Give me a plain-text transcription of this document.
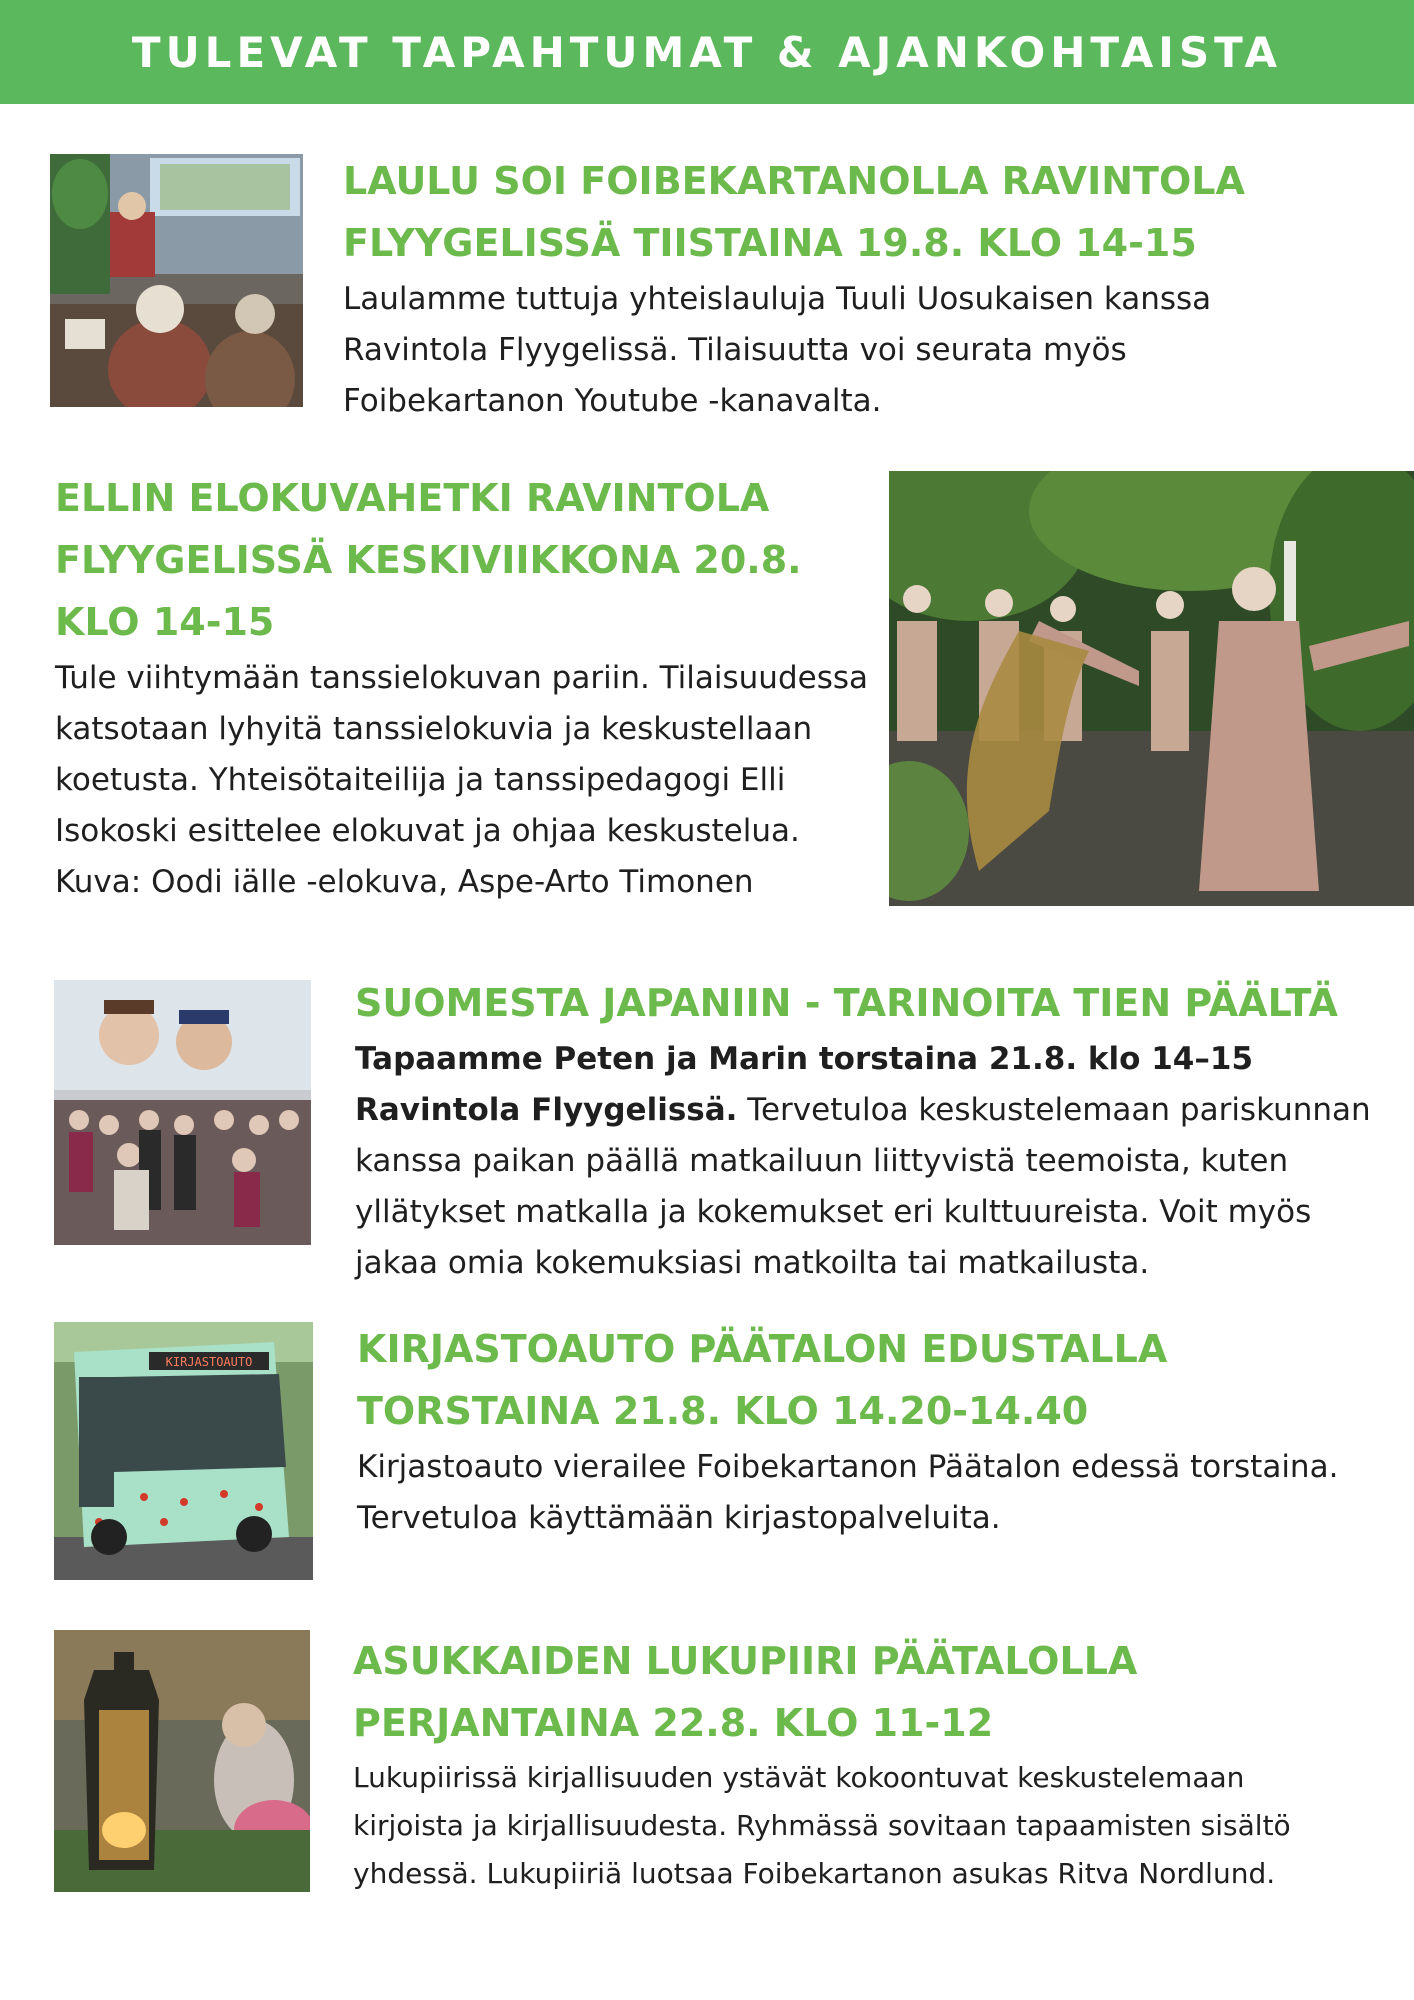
TULEVAT TAPAHTUMAT & AJANKOHTAISTA
LAULU SOI FOIBEKARTANOLLA RAVINTOLA FLYYGELISSÄ TIISTAINA 19.8. KLO 14-15

Laulamme tuttuja yhteislauluja Tuuli Uosukaisen kanssa Ravintola Flyygelissä. Tilaisuutta voi seurata myös Foibekartanon Youtube -kanavalta.

ELLIN ELOKUVAHETKI RAVINTOLA FLYYGELISSÄ KESKIVIIKKONA 20.8. KLO 14-15

Tule viihtymään tanssielokuvan pariin. Tilaisuudessa katsotaan lyhyitä tanssielokuvia ja keskustellaan koetusta. Yhteisötaiteilija ja tanssipedagogi Elli Isokoski esittelee elokuvat ja ohjaa keskustelua. Kuva: Oodi iälle -elokuva, Aspe-Arto Timonen

SUOMESTA JAPANIIN - TARINOITA TIEN PÄÄLTÄ

Tapaamme Peten ja Marin torstaina 21.8. klo 14–15 Ravintola Flyygelissä. Tervetuloa keskustelemaan pariskunnan kanssa paikan päällä matkailuun liittyvistä teemoista, kuten yllätykset matkalla ja kokemukset eri kulttuureista. Voit myös jakaa omia kokemuksiasi matkoilta tai matkailusta.

KIRJASTOAUTO	KIRJASTOAUTO PÄÄTALON EDUSTALLA TORSTAINA 21.8. KLO 14.20-14.40

Kirjastoauto vierailee Foibekartanon Päätalon edessä torstaina. Tervetuloa käyttämään kirjastopalveluita.

ASUKKAIDEN LUKUPIIRI PÄÄTALOLLA PERJANTAINA 22.8. KLO 11-12

Lukupiirissä kirjallisuuden ystävät kokoontuvat keskustelemaan kirjoista ja kirjallisuudesta. Ryhmässä sovitaan tapaamisten sisältö yhdessä. Lukupiiriä luotsaa Foibekartanon asukas Ritva Nordlund.
